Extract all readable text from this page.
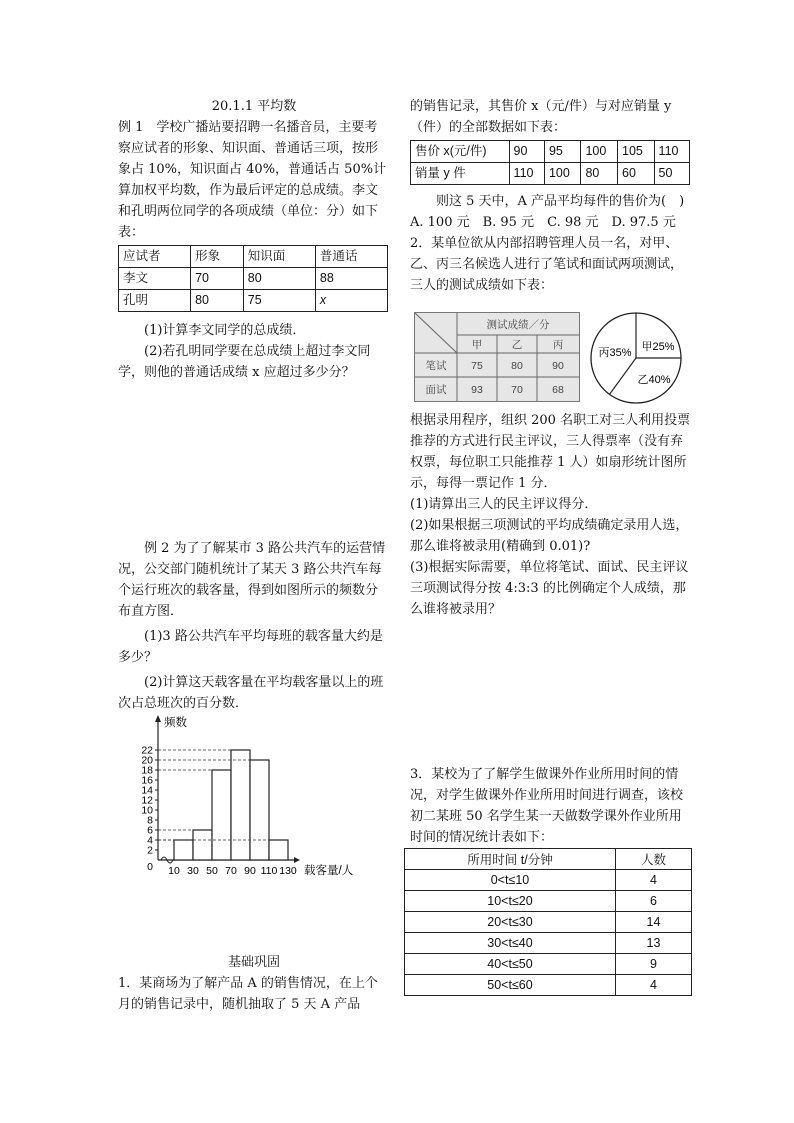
20.1.1 平均数

例 1　学校广播站要招聘一名播音员，主要考察应试者的形象、知识面、普通话三项，按形象占 10%，知识面占 40%，普通话占 50%计算加权平均数，作为最后评定的总成绩。李文和孔明两位同学的各项成绩（单位：分）如下表：

应试者	形象	知识面	普通话
李文	70	80	88
孔明	80	75	x

(1)计算李文同学的总成绩．

(2)若孔明同学要在总成绩上超过李文同学，则他的普通话成绩 x 应超过多少分？

例 2 为了了解某市 3 路公共汽车的运营情况，公交部门随机统计了某天 3 路公共汽车每个运行班次的载客量，得到如图所示的频数分布直方图．

(1)3 路公共汽车平均每班的载客量大约是多少？

(2)计算这天载客量在平均载客量以上的班次占总班次的百分数．

2
4
6
8
10
12
14
16
18
20
22
0
频数
10 30 50 70 90 110 130 载客量/人

基础巩固

1．某商场为了解产品 A 的销售情况，在上个月的销售记录中，随机抽取了 5 天 A 产品

的销售记录，其售价 x（元/件）与对应销量 y（件）的全部数据如下表：

售价 x(元/件)	90	95	100	105	110
销量 y 件	110	100	80	60	50

则这 5 天中，A 产品平均每件的售价为(　)

A. 100 元　B. 95 元　C. 98 元　D. 97.5 元

2．某单位欲从内部招聘管理人员一名，对甲、乙、丙三名候选人进行了笔试和面试两项测试，三人的测试成绩如下表：

测试成绩／分
甲	乙	丙
笔试 75	80	90
面试 93	70	68
甲25%
乙40%
丙35%

根据录用程序，组织 200 名职工对三人利用投票推荐的方式进行民主评议，三人得票率（没有弃权票，每位职工只能推荐 1 人）如扇形统计图所示，每得一票记作 1 分．

(1)请算出三人的民主评议得分．

(2)如果根据三项测试的平均成绩确定录用人选，那么谁将被录用(精确到 0.01)?

(3)根据实际需要，单位将笔试、面试、民主评议三项测试得分按 4:3:3 的比例确定个人成绩，那么谁将被录用？

3．某校为了了解学生做课外作业所用时间的情况，对学生做课外作业所用时间进行调查，该校初二某班 50 名学生某一天做数学课外作业所用时间的情况统计表如下：

所用时间 t/分钟	人数
0<t≤10	4
10<t≤20	6
20<t≤30	14
30<t≤40	13
40<t≤50	9
50<t≤60	4
